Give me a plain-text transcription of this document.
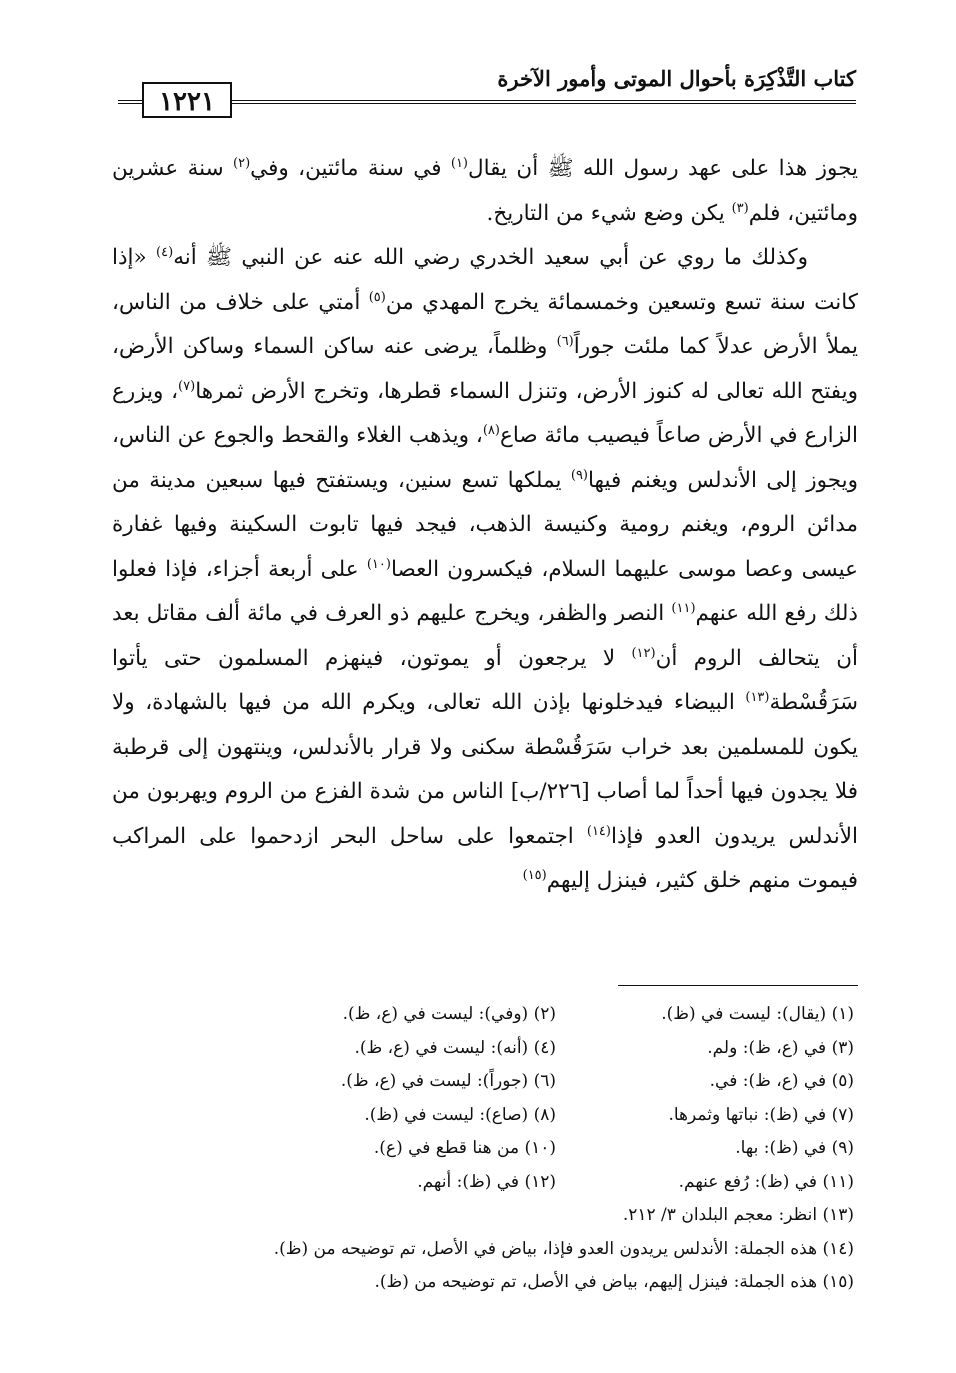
كتاب التَّذْكِرَة بأحوال الموتى وأمور الآخرة
١٢٢١

يجوز هذا على عهد رسول الله ﷺ أن يقال$^{(١)}$ في سنة مائتين، وفي$^{(٢)}$ سنة عشرين ومائتين، فلم$^{(٣)}$ يكن وضع شيء من التاريخ.

وكذلك ما روي عن أبي سعيد الخدري رضي الله عنه عن النبي ﷺ أنه$^{(٤)}$ «إذا كانت سنة تسع وتسعين وخمسمائة يخرج المهدي من$^{(٥)}$ أمتي على خلاف من الناس، يملأ الأرض عدلاً كما ملئت جوراً$^{(٦)}$ وظلماً، يرضى عنه ساكن السماء وساكن الأرض، ويفتح الله تعالى له كنوز الأرض، وتنزل السماء قطرها، وتخرج الأرض ثمرها$^{(٧)}$، ويزرع الزارع في الأرض صاعاً فيصيب مائة صاع$^{(٨)}$، ويذهب الغلاء والقحط والجوع عن الناس، ويجوز إلى الأندلس ويغنم فيها$^{(٩)}$ يملكها تسع سنين، ويستفتح فيها سبعين مدينة من مدائن الروم، ويغنم رومية وكنيسة الذهب، فيجد فيها تابوت السكينة وفيها غفارة عيسى وعصا موسى عليهما السلام، فيكسرون العصا$^{(١٠)}$ على أربعة أجزاء، فإذا فعلوا ذلك رفع الله عنهم$^{(١١)}$ النصر والظفر، ويخرج عليهم ذو العرف في مائة ألف مقاتل بعد أن يتحالف الروم أن$^{(١٢)}$ لا يرجعون أو يموتون، فينهزم المسلمون حتى يأتوا سَرَقُسْطة$^{(١٣)}$ البيضاء فيدخلونها بإذن الله تعالى، ويكرم الله من فيها بالشهادة، ولا يكون للمسلمين بعد خراب سَرَقُسْطة سكنى ولا قرار بالأندلس، وينتهون إلى قرطبة فلا يجدون فيها أحداً لما أصاب [٢٢٦/ب] الناس من شدة الفزع من الروم ويهربون من الأندلس يريدون العدو فإذا$^{(١٤)}$ اجتمعوا على ساحل البحر ازدحموا على المراكب فيموت منهم خلق كثير، فينزل إليهم$^{(١٥)}$

(١) (يقال): ليست في (ظ).
(٢) (وفي): ليست في (ع، ظ).
(٣) في (ع، ظ): ولم.
(٤) (أنه): ليست في (ع، ظ).
(٥) في (ع، ظ): في.
(٦) (جوراً): ليست في (ع، ظ).
(٧) في (ظ): نباتها وثمرها.
(٨) (صاع): ليست في (ظ).
(٩) في (ظ): بها.
(١٠) من هنا قطع في (ع).
(١١) في (ظ): رُفع عنهم.
(١٢) في (ظ): أنهم.
(١٣) انظر: معجم البلدان ٣/ ٢١٢.
(١٤) هذه الجملة: الأندلس يريدون العدو فإذا، بياض في الأصل، تم توضيحه من (ظ).
(١٥) هذه الجملة: فينزل إليهم، بياض في الأصل، تم توضيحه من (ظ).
